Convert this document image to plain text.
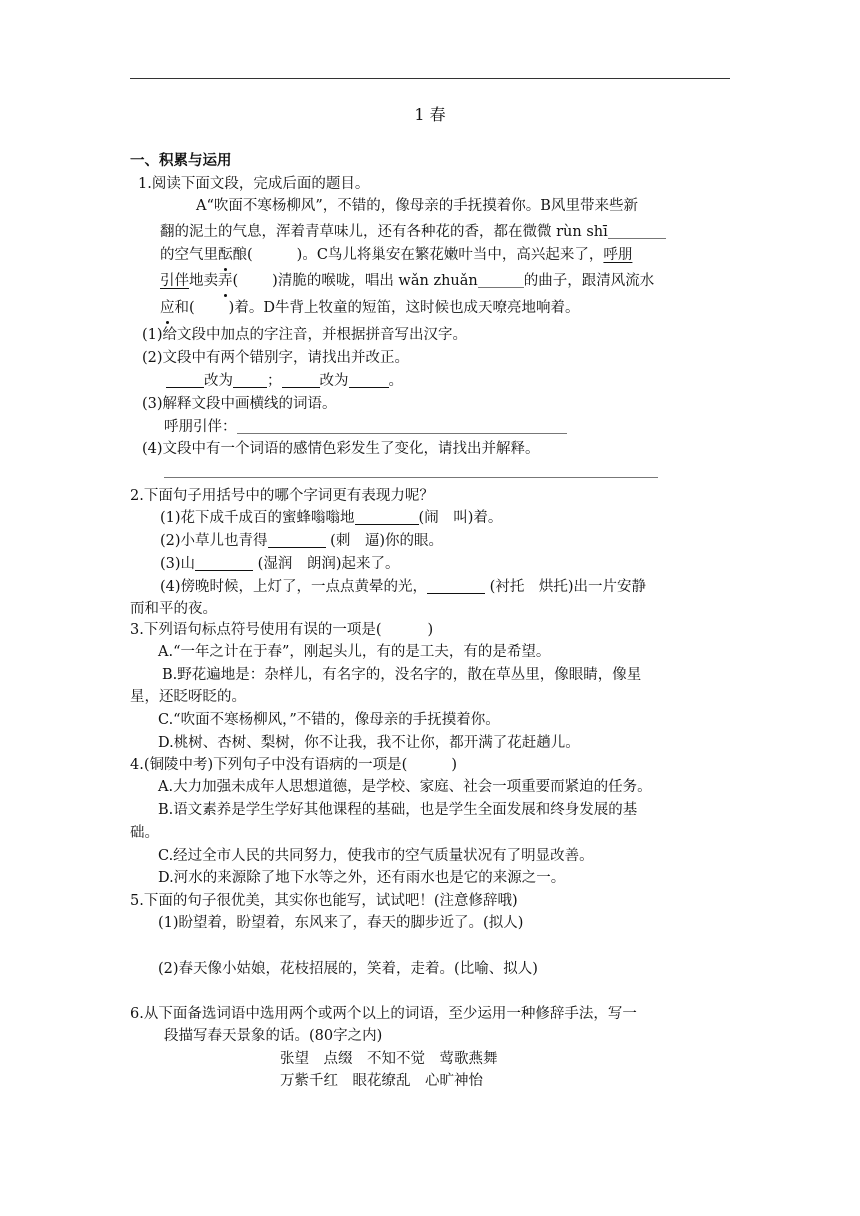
1 春
一、积累与运用
1.阅读下面文段，完成后面的题目。
A“吹面不寒杨柳风”，不错的，像母亲的手抚摸着你。B风里带来些新
翻的泥土的气息，浑着青草味儿，还有各种花的香，都在微微 rùn shī
的空气里酝酿(	)。C鸟儿将巢安在繁花嫩叶当中，高兴起来了，呼朋
引伴地卖弄( )清脆的喉咙，唱出 wǎn zhuǎn	的曲子，跟清风流水
应和( )着。D牛背上牧童的短笛，这时候也成天嘹亮地响着。
(1)给文段中加点的字注音，并根据拼音写出汉字。
(2)文段中有两个错别字，请找出并改正。
改为 ；	改为	。
(3)解释文段中画横线的词语。
呼朋引伴：
(4)文段中有一个词语的感情色彩发生了变化，请找出并解释。
2.下面句子用括号中的哪个字词更有表现力呢？
(1)花下成千成百的蜜蜂嗡嗡地	(闹　叫)着。
(2)小草儿也青得	(刺　逼)你的眼。
(3)山	(湿润　朗润)起来了。
(4)傍晚时候，上灯了，一点点黄晕的光，	(衬托　烘托)出一片安静
而和平的夜。
3.下列语句标点符号使用有误的一项是(	)
A.“一年之计在于春”，刚起头儿，有的是工夫，有的是希望。
B.野花遍地是：杂样儿，有名字的，没名字的，散在草丛里，像眼睛，像星
星，还眨呀眨的。
C.“吹面不寒杨柳风，”不错的，像母亲的手抚摸着你。
D.桃树、杏树、梨树，你不让我，我不让你，都开满了花赶趟儿。
4.(铜陵中考)下列句子中没有语病的一项是(	)
A.大力加强未成年人思想道德，是学校、家庭、社会一项重要而紧迫的任务。
B.语文素养是学生学好其他课程的基础，也是学生全面发展和终身发展的基
础。
C.经过全市人民的共同努力，使我市的空气质量状况有了明显改善。
D.河水的来源除了地下水等之外，还有雨水也是它的来源之一。
5.下面的句子很优美，其实你也能写，试试吧！(注意修辞哦)
(1)盼望着，盼望着，东风来了，春天的脚步近了。(拟人)
(2)春天像小姑娘，花枝招展的，笑着，走着。(比喻、拟人)
6.从下面备选词语中选用两个或两个以上的词语，至少运用一种修辞手法，写一
段描写春天景象的话。(80字之内)
张望　点缀　不知不觉　莺歌燕舞
万紫千红　眼花缭乱　心旷神怡
